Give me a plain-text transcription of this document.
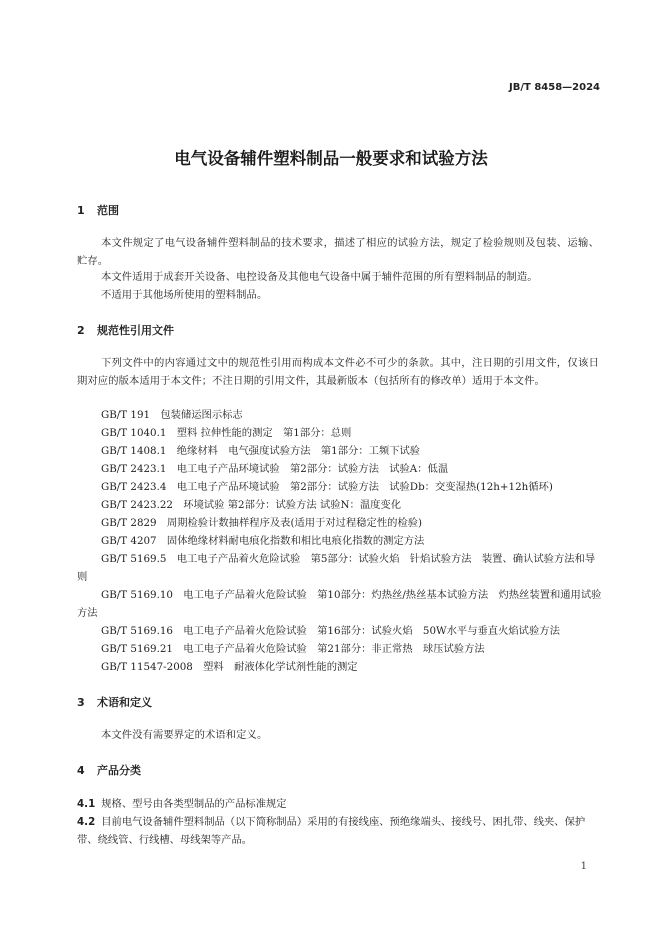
JB/T 8458—2024
电气设备辅件塑料制品一般要求和试验方法
1 范围
本文件规定了电气设备辅件塑料制品的技术要求，描述了相应的试验方法，规定了检验规则及包装、运输、贮存。
本文件适用于成套开关设备、电控设备及其他电气设备中属于辅件范围的所有塑料制品的制造。
不适用于其他场所使用的塑料制品。
2 规范性引用文件
下列文件中的内容通过文中的规范性引用而构成本文件必不可少的条款。其中，注日期的引用文件，仅该日期对应的版本适用于本文件；不注日期的引用文件，其最新版本（包括所有的修改单）适用于本文件。
GB/T 191　包装储运图示标志
GB/T 1040.1　塑料 拉伸性能的测定　第1部分：总则
GB/T 1408.1　绝缘材料　电气强度试验方法　第1部分：工频下试验
GB/T 2423.1　电工电子产品环境试验　第2部分：试验方法　试验A：低温
GB/T 2423.4　电工电子产品环境试验　第2部分：试验方法　试验Db：交变湿热(12h+12h循环)
GB/T 2423.22　环境试验 第2部分：试验方法 试验N：温度变化
GB/T 2829　周期检验计数抽样程序及表(适用于对过程稳定性的检验)
GB/T 4207　固体绝缘材料耐电痕化指数和相比电痕化指数的测定方法
GB/T 5169.5　电工电子产品着火危险试验　第5部分：试验火焰　针焰试验方法　装置、确认试验方法和导则
GB/T 5169.10　电工电子产品着火危险试验　第10部分：灼热丝/热丝基本试验方法　灼热丝装置和通用试验方法
GB/T 5169.16　电工电子产品着火危险试验　第16部分：试验火焰　50W水平与垂直火焰试验方法
GB/T 5169.21　电工电子产品着火危险试验　第21部分：非正常热　球压试验方法
GB/T 11547-2008　塑料　耐液体化学试剂性能的测定
3 术语和定义
本文件没有需要界定的术语和定义。
4 产品分类
4.1 规格、型号由各类型制品的产品标准规定
4.2 目前电气设备辅件塑料制品（以下简称制品）采用的有接线座、预绝缘端头、接线号、困扎带、线夹、保护带、绕线管、行线槽、母线架等产品。
1
